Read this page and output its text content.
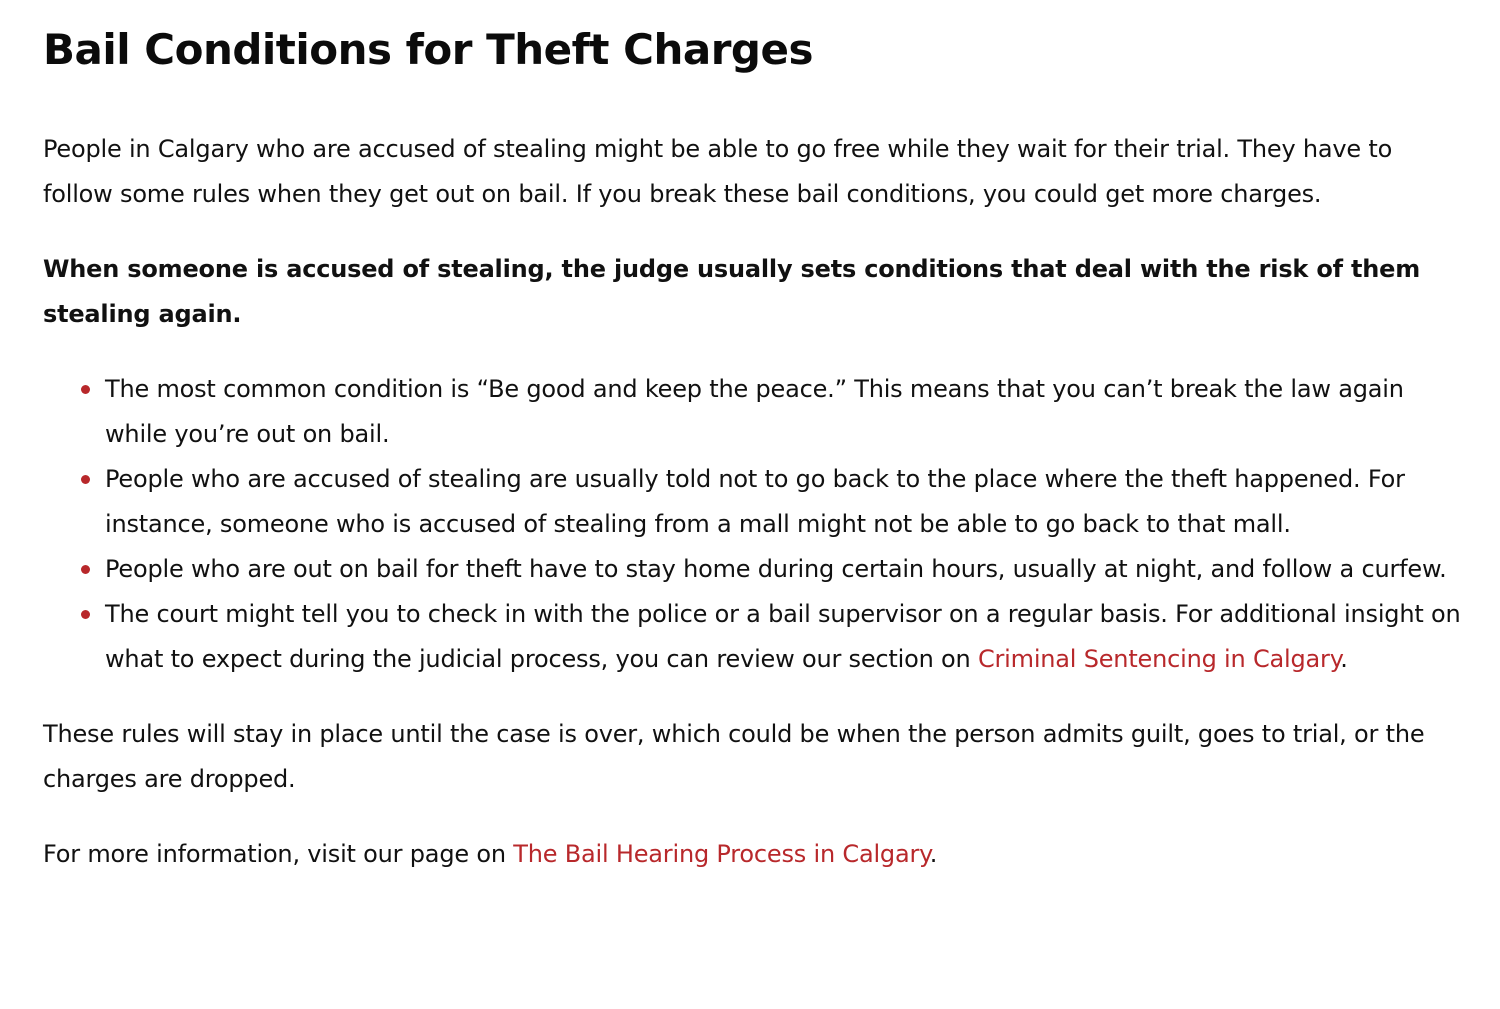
Bail Conditions for Theft Charges

People in Calgary who are accused of stealing might be able to go free while they wait for their trial. They have to follow some rules when they get out on bail. If you break these bail conditions, you could get more charges.

When someone is accused of stealing, the judge usually sets conditions that deal with the risk of them stealing again.

The most common condition is “Be good and keep the peace.” This means that you can’t break the law again while you’re out on bail.
People who are accused of stealing are usually told not to go back to the place where the theft happened. For instance, someone who is accused of stealing from a mall might not be able to go back to that mall.
People who are out on bail for theft have to stay home during certain hours, usually at night, and follow a curfew.
The court might tell you to check in with the police or a bail supervisor on a regular basis. For additional insight on what to expect during the judicial process, you can review our section on Criminal Sentencing in Calgary.

These rules will stay in place until the case is over, which could be when the person admits guilt, goes to trial, or the charges are dropped.

For more information, visit our page on The Bail Hearing Process in Calgary.
